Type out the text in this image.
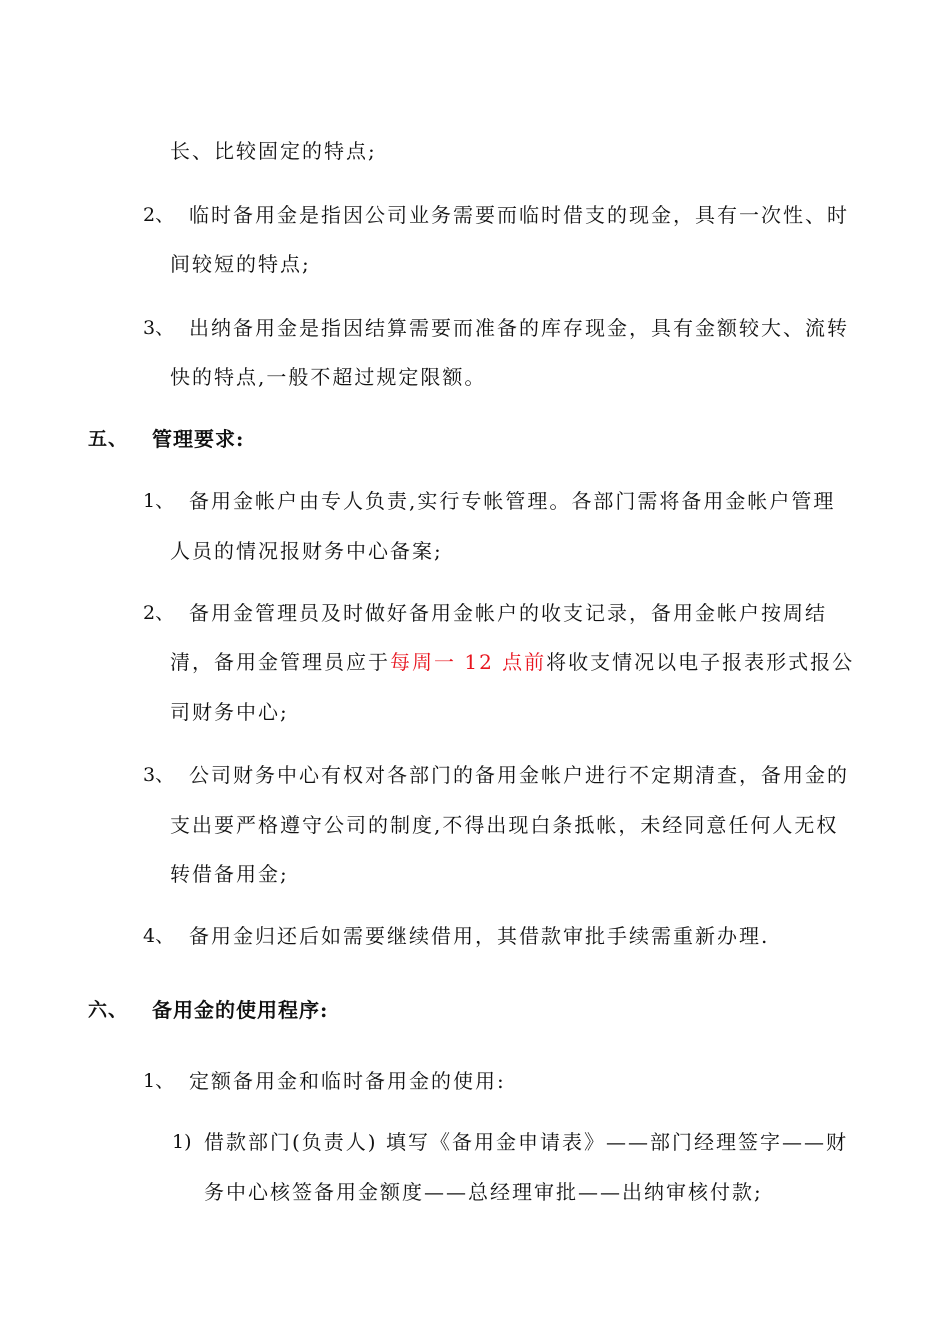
长、比较固定的特点;
2、 临时备用金是指因公司业务需要而临时借支的现金，具有一次性、时
间较短的特点;
3、 出纳备用金是指因结算需要而准备的库存现金，具有金额较大、流转
快的特点,一般不超过规定限额。
五、 管理要求:
1、 备用金帐户由专人负责,实行专帐管理。各部门需将备用金帐户管理
人员的情况报财务中心备案;
2、 备用金管理员及时做好备用金帐户的收支记录，备用金帐户按周结
清，备用金管理员应于每周一 12 点前将收支情况以电子报表形式报公
司财务中心;
3、 公司财务中心有权对各部门的备用金帐户进行不定期清查，备用金的
支出要严格遵守公司的制度,不得出现白条抵帐，未经同意任何人无权
转借备用金;
4、 备用金归还后如需要继续借用，其借款审批手续需重新办理.
六、 备用金的使用程序:
1、 定额备用金和临时备用金的使用:
1) 借款部门(负责人) 填写《备用金申请表》——部门经理签字——财
务中心核签备用金额度——总经理审批——出纳审核付款;
